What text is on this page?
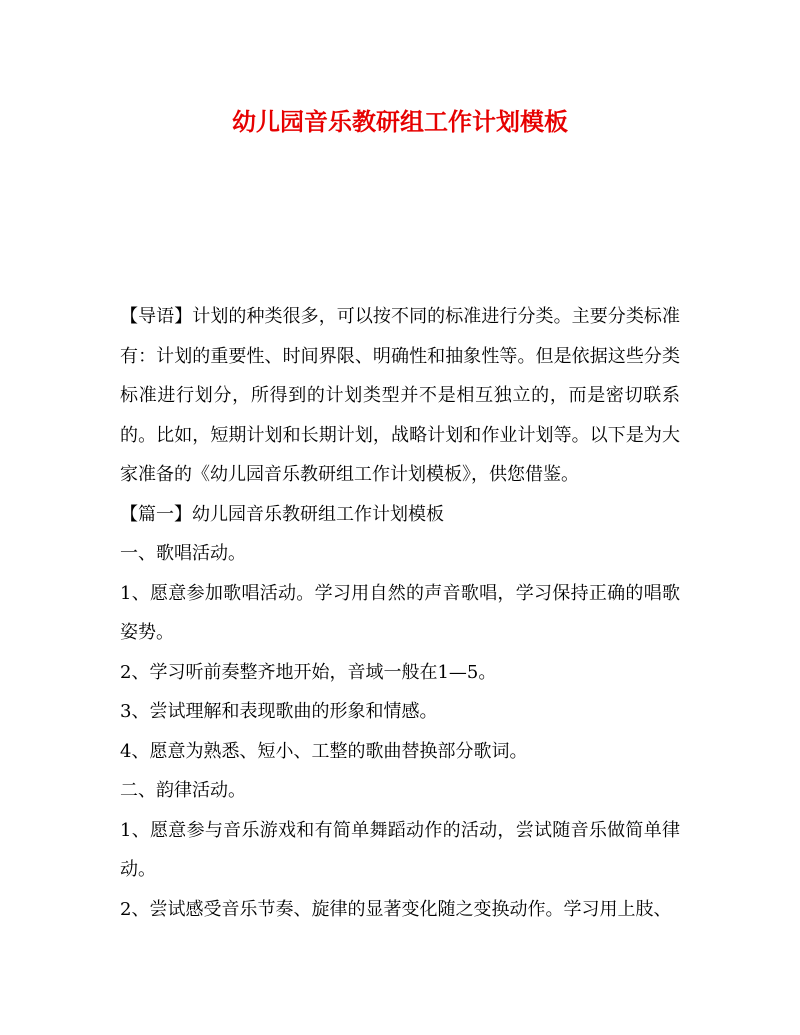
幼儿园音乐教研组工作计划模板

【导语】计划的种类很多，可以按不同的标准进行分类。主要分类标准有：计划的重要性、时间界限、明确性和抽象性等。但是依据这些分类标准进行划分，所得到的计划类型并不是相互独立的，而是密切联系的。比如，短期计划和长期计划，战略计划和作业计划等。以下是为大家准备的《幼儿园音乐教研组工作计划模板》，供您借鉴。

【篇一】幼儿园音乐教研组工作计划模板

一、歌唱活动。

1、愿意参加歌唱活动。学习用自然的声音歌唱，学习保持正确的唱歌姿势。

2、学习听前奏整齐地开始，音域一般在1—5。

3、尝试理解和表现歌曲的形象和情感。

4、愿意为熟悉、短小、工整的歌曲替换部分歌词。

二、韵律活动。

1、愿意参与音乐游戏和有简单舞蹈动作的活动，尝试随音乐做简单律动。

2、尝试感受音乐节奏、旋律的显著变化随之变换动作。学习用上肢、
